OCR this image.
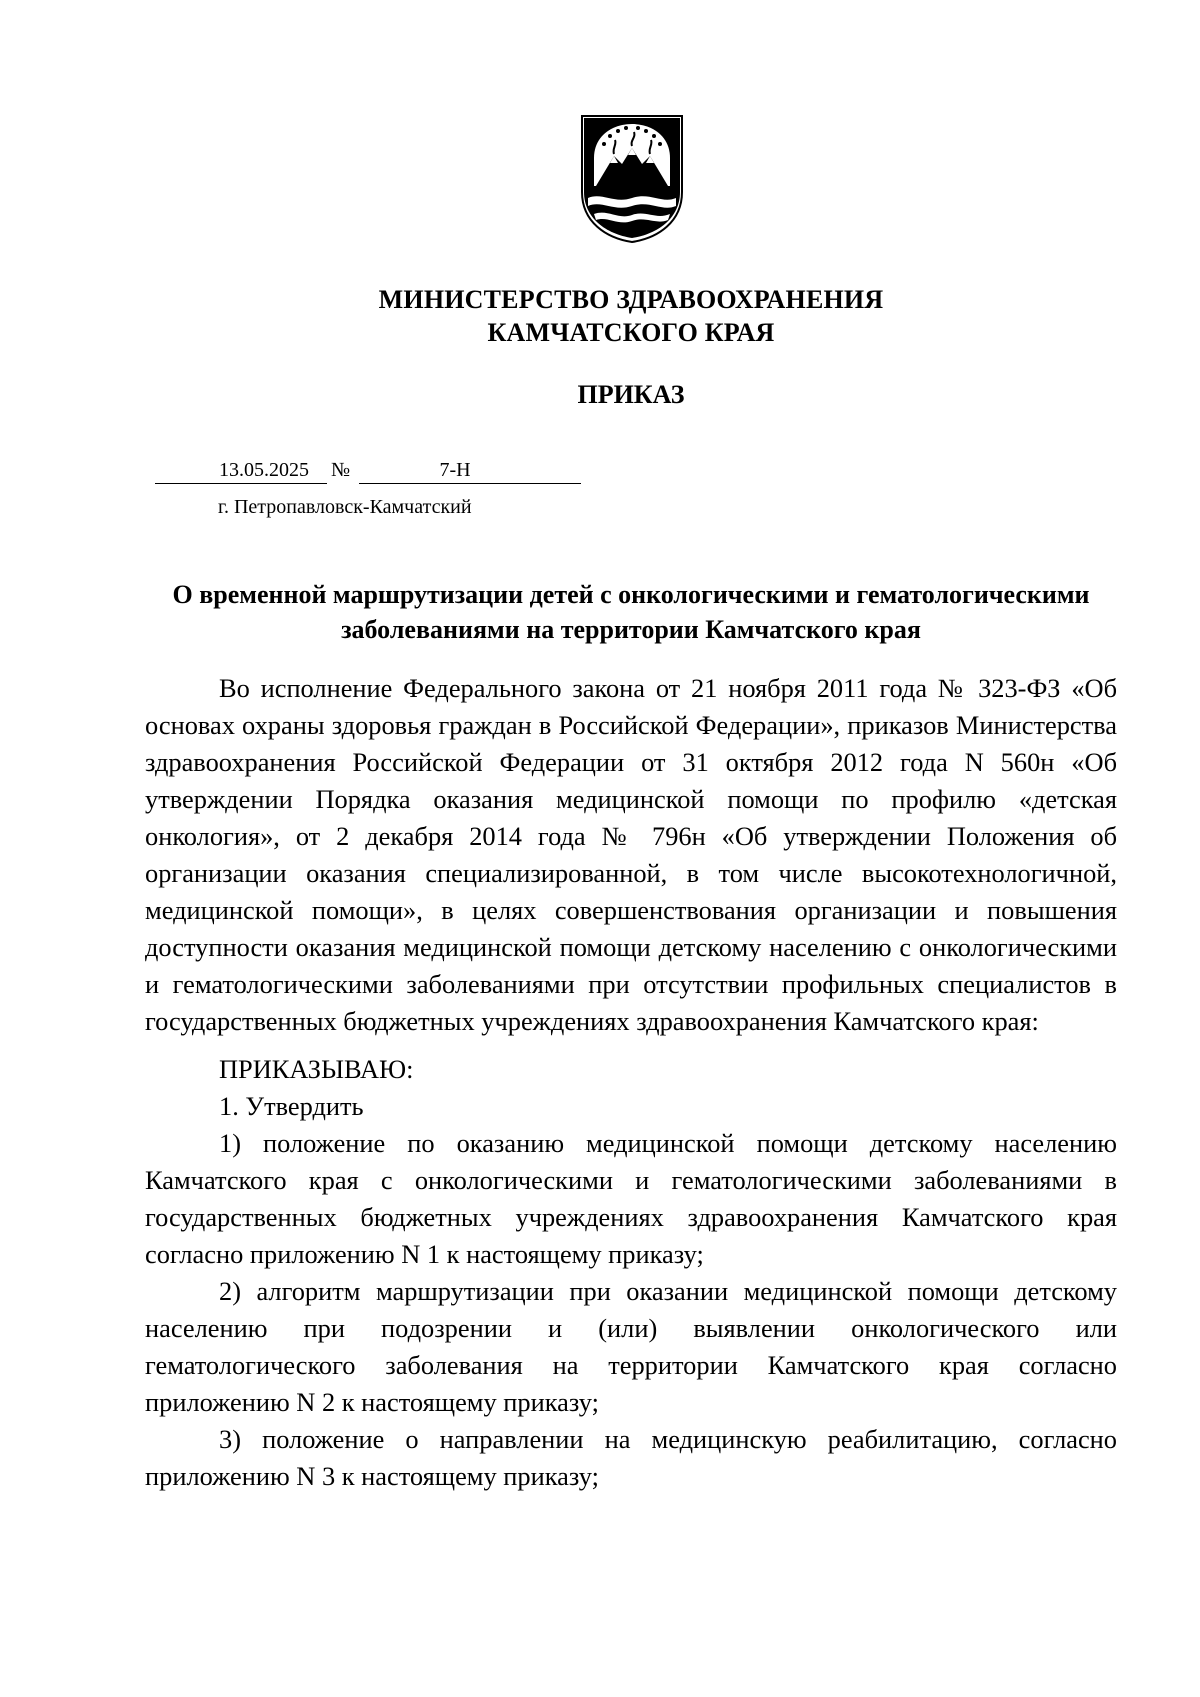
МИНИСТЕРСТВО ЗДРАВООХРАНЕНИЯ
КАМЧАТСКОГО КРАЯ
ПРИКАЗ
13.05.2025	№	7-Н
г. Петропавловск-Камчатский
О временной маршрутизации детей с онкологическими и гематологическими заболеваниями на территории Камчатского края

Во исполнение Федерального закона от 21 ноября 2011 года № 323-ФЗ «Об основах охраны здоровья граждан в Российской Федерации», приказов Министерства здравоохранения Российской Федерации от 31 октября 2012 года N 560н «Об утверждении Порядка оказания медицинской помощи по профилю «детская онкология», от 2 декабря 2014 года № 796н «Об утверждении Положения об организации оказания специализированной, в том числе высокотехнологичной, медицинской помощи», в целях совершенствования организации и повышения доступности оказания медицинской помощи детскому населению с онкологическими и гематологическими заболеваниями при отсутствии профильных специалистов в государственных бюджетных учреждениях здравоохранения Камчатского края:

ПРИКАЗЫВАЮ:

1. Утвердить

1) положение по оказанию медицинской помощи детскому населению Камчатского края с онкологическими и гематологическими заболеваниями в государственных бюджетных учреждениях здравоохранения Камчатского края согласно приложению N 1 к настоящему приказу;

2) алгоритм маршрутизации при оказании медицинской помощи детскому населению при подозрении и (или) выявлении онкологического или гематологического заболевания на территории Камчатского края согласно приложению N 2 к настоящему приказу;

3) положение о направлении на медицинскую реабилитацию, согласно приложению N 3 к настоящему приказу;
